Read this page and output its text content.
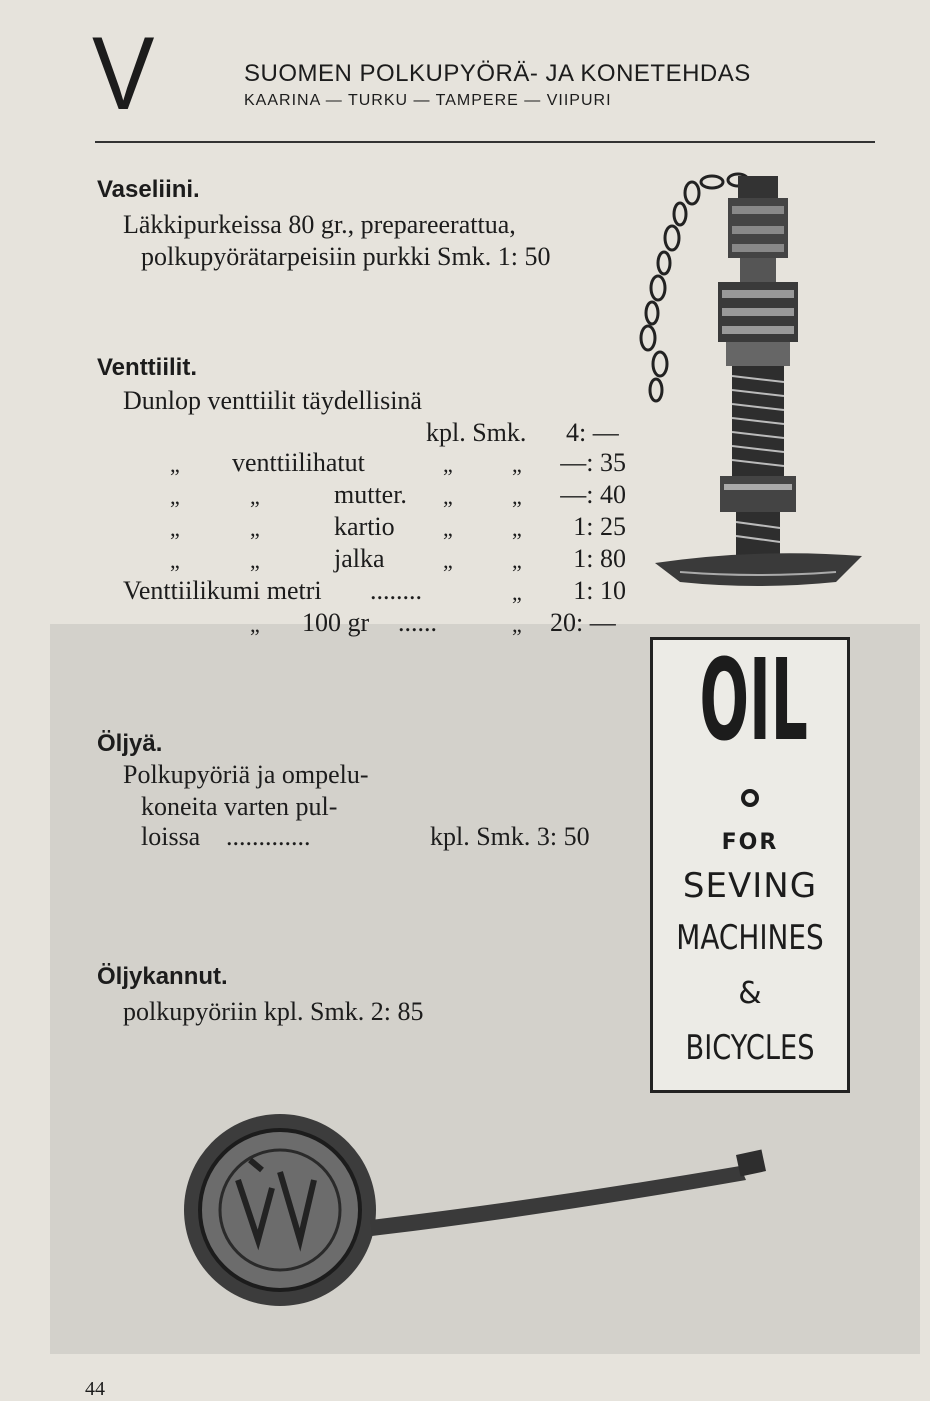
V	SUOMEN POLKUPYÖRÄ- JA KONETEHDAS
KAARINA — TURKU — TAMPERE — VIIPURI
Vaseliini.
Läkkipurkeissa 80 gr., prepareerattua,
polkupyörätarpeisiin purkki Smk. 1: 50
Venttiilit.
Dunlop venttiilit täydellisinä
kpl. Smk. 4: —
„ venttiilihatut	„	„	—: 35
„	„	mutter. „	„	—: 40
„	„	kartio „	„	1: 25
„	„	jalka	„	„	1: 80
Venttiilikumi metri ........	„	1: 10
„ 100 gr ......	„ 20: —
Öljyä.
Polkupyöriä ja ompelu-
koneita varten pul-
loissa .............	kpl. Smk. 3: 50
Öljykannut.
polkupyöriin kpl. Smk. 2: 85
OIL
FOR
SEVING
MACHINES
&
BICYCLES
44
